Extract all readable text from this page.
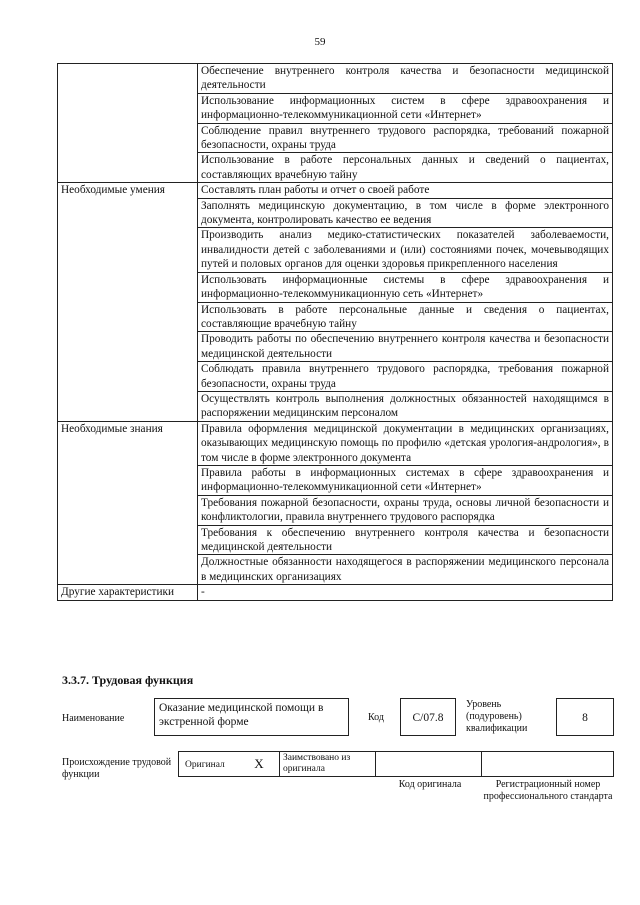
59
	Обеспечение внутреннего контроля качества и безопасности медицинской деятельности
	Использование информационных систем в сфере здравоохранения и информационно-телекоммуникационной сети «Интернет»
	Соблюдение правил внутреннего трудового распорядка, требований пожарной безопасности, охраны труда
	Использование в работе персональных данных и сведений о пациентах, составляющих врачебную тайну
Необходимые умения	Составлять план работы и отчет о своей работе
	Заполнять медицинскую документацию, в том числе в форме электронного документа, контролировать качество ее ведения
	Производить анализ медико-статистических показателей заболеваемости, инвалидности детей с заболеваниями и (или) состояниями почек, мочевыводящих путей и половых органов для оценки здоровья прикрепленного населения
	Использовать информационные системы в сфере здравоохранения и информационно-телекоммуникационную сеть «Интернет»
	Использовать в работе персональные данные и сведения о пациентах, составляющие врачебную тайну
	Проводить работы по обеспечению внутреннего контроля качества и безопасности медицинской деятельности
	Соблюдать правила внутреннего трудового распорядка, требования пожарной безопасности, охраны труда
	Осуществлять контроль выполнения должностных обязанностей находящимся в распоряжении медицинским персоналом
Необходимые знания	Правила оформления медицинской документации в медицинских организациях, оказывающих медицинскую помощь по профилю «детская урология-андрология», в том числе в форме электронного документа
	Правила работы в информационных системах в сфере здравоохранения и информационно-телекоммуникационной сети «Интернет»
	Требования пожарной безопасности, охраны труда, основы личной безопасности и конфликтологии, правила внутреннего трудового распорядка
	Требования к обеспечению внутреннего контроля качества и безопасности медицинской деятельности
	Должностные обязанности находящегося в распоряжении медицинского персонала в медицинских организациях
Другие характеристики	-
3.3.7. Трудовая функция
Наименование
Оказание медицинской помощи в экстренной форме	Код	C/07.8
Уровень (подуровень) квалификации
8
Происхождение трудовой функции
Оригинал	X	Заимствовано из оригинала
Код оригинала	Регистрационный номер профессионального стандарта
